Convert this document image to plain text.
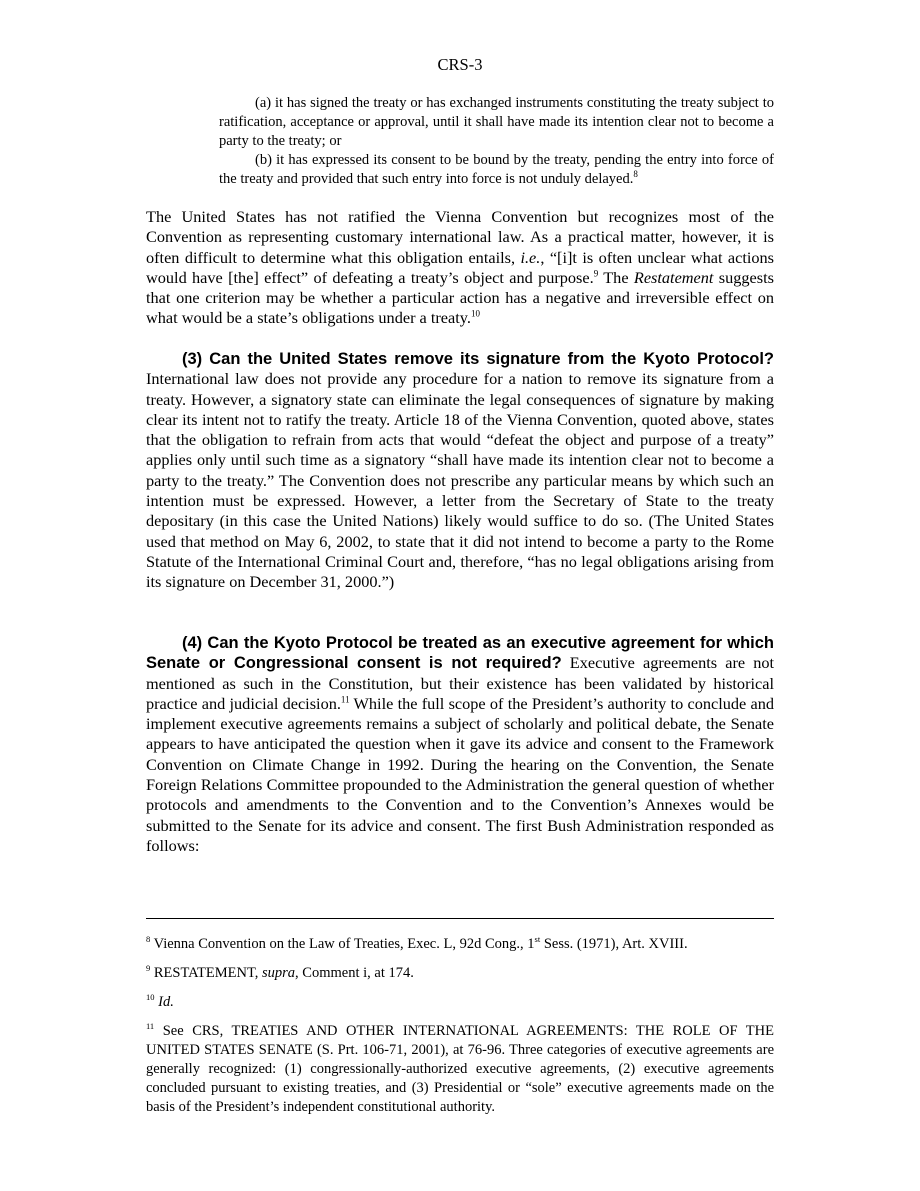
CRS-3

(a) it has signed the treaty or has exchanged instruments constituting the treaty subject to ratification, acceptance or approval, until it shall have made its intention clear not to become a party to the treaty; or

(b) it has expressed its consent to be bound by the treaty, pending the entry into force of the treaty and provided that such entry into force is not unduly delayed.$^8$

The United States has not ratified the Vienna Convention but recognizes most of the Convention as representing customary international law. As a practical matter, however, it is often difficult to determine what this obligation entails, i.e., “[i]t is often unclear what actions would have [the] effect” of defeating a treaty’s object and purpose.$^9$ The Restatement suggests that one criterion may be whether a particular action has a negative and irreversible effect on what would be a state’s obligations under a treaty.$^{10}$

(3) Can the United States remove its signature from the Kyoto Protocol? International law does not provide any procedure for a nation to remove its signature from a treaty. However, a signatory state can eliminate the legal consequences of signature by making clear its intent not to ratify the treaty. Article 18 of the Vienna Convention, quoted above, states that the obligation to refrain from acts that would “defeat the object and purpose of a treaty” applies only until such time as a signatory “shall have made its intention clear not to become a party to the treaty.” The Convention does not prescribe any particular means by which such an intention must be expressed. However, a letter from the Secretary of State to the treaty depositary (in this case the United Nations) likely would suffice to do so. (The United States used that method on May 6, 2002, to state that it did not intend to become a party to the Rome Statute of the International Criminal Court and, therefore, “has no legal obligations arising from its signature on December 31, 2000.”)

(4) Can the Kyoto Protocol be treated as an executive agreement for which Senate or Congressional consent is not required? Executive agreements are not mentioned as such in the Constitution, but their existence has been validated by historical practice and judicial decision.$^{11}$ While the full scope of the President’s authority to conclude and implement executive agreements remains a subject of scholarly and political debate, the Senate appears to have anticipated the question when it gave its advice and consent to the Framework Convention on Climate Change in 1992. During the hearing on the Convention, the Senate Foreign Relations Committee propounded to the Administration the general question of whether protocols and amendments to the Convention and to the Convention’s Annexes would be submitted to the Senate for its advice and consent. The first Bush Administration responded as follows:

$^8$ Vienna Convention on the Law of Treaties, Exec. L, 92d Cong., 1st Sess. (1971), Art. XVIII.

$^9$ RESTATEMENT, supra, Comment i, at 174.

$^{10}$ Id.

$^{11}$ See CRS, TREATIES AND OTHER INTERNATIONAL AGREEMENTS: THE ROLE OF THE UNITED STATES SENATE (S. Prt. 106-71, 2001), at 76-96. Three categories of executive agreements are generally recognized: (1) congressionally-authorized executive agreements, (2) executive agreements concluded pursuant to existing treaties, and (3) Presidential or “sole” executive agreements made on the basis of the President’s independent constitutional authority.
